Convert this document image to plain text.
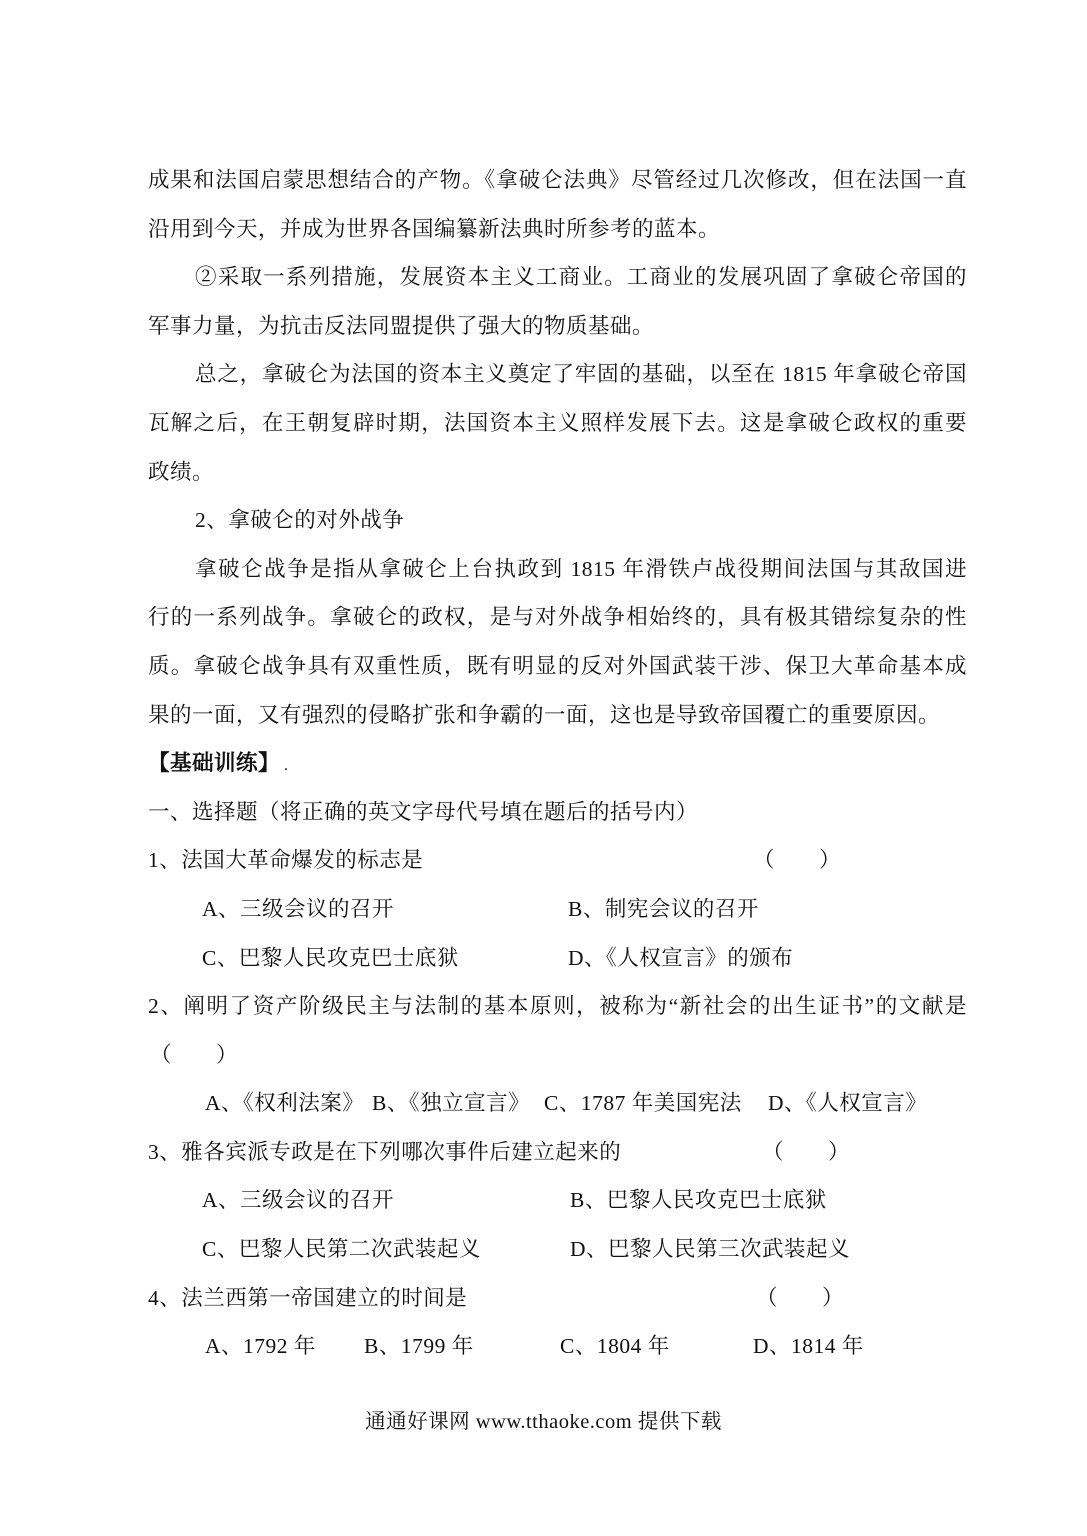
成果和法国启蒙思想结合的产物。《拿破仑法典》尽管经过几次修改，但在法国一直
沿用到今天，并成为世界各国编纂新法典时所参考的蓝本。
②采取一系列措施，发展资本主义工商业。工商业的发展巩固了拿破仑帝国的
军事力量，为抗击反法同盟提供了强大的物质基础。
总之，拿破仑为法国的资本主义奠定了牢固的基础，以至在 1815 年拿破仑帝国
瓦解之后，在王朝复辟时期，法国资本主义照样发展下去。这是拿破仑政权的重要
政绩。
2、拿破仑的对外战争
拿破仑战争是指从拿破仑上台执政到 1815 年滑铁卢战役期间法国与其敌国进
行的一系列战争。拿破仑的政权，是与对外战争相始终的，具有极其错综复杂的性
质。拿破仑战争具有双重性质，既有明显的反对外国武装干涉、保卫大革命基本成
果的一面，又有强烈的侵略扩张和争霸的一面，这也是导致帝国覆亡的重要原因。
【基础训练】 .
一、选择题（将正确的英文字母代号填在题后的括号内）
1、法国大革命爆发的标志是	（　　）
A、三级会议的召开	B、制宪会议的召开
C、巴黎人民攻克巴士底狱	D、《人权宣言》的颁布
2、阐明了资产阶级民主与法制的基本原则，被称为“新社会的出生证书”的文献是
（　　）
A、《权利法案》 B、《独立宣言》 C、1787 年美国宪法 D、《人权宣言》
3、雅各宾派专政是在下列哪次事件后建立起来的	（　　）
A、三级会议的召开	B、巴黎人民攻克巴士底狱
C、巴黎人民第二次武装起义	D、巴黎人民第三次武装起义
4、法兰西第一帝国建立的时间是	（　　）
A、1792 年 B、1799 年	C、1804 年	D、1814 年
通通好课网 www.tthaoke.com 提供下载
